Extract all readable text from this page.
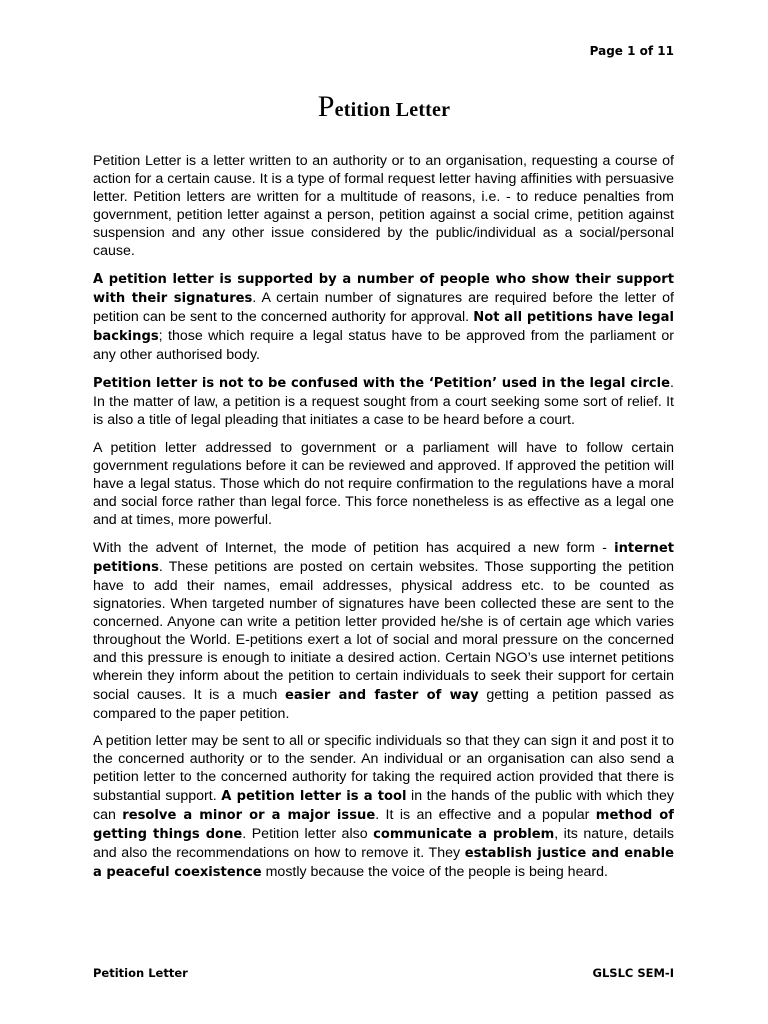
Page 1 of 11
Petition Letter

Petition Letter is a letter written to an authority or to an organisation, requesting a course of action for a certain cause. It is a type of formal request letter having affinities with persuasive letter. Petition letters are written for a multitude of reasons, i.e. - to reduce penalties from government, petition letter against a person, petition against a social crime, petition against suspension and any other issue considered by the public/individual as a social/personal cause.

A petition letter is supported by a number of people who show their support with their signatures. A certain number of signatures are required before the letter of petition can be sent to the concerned authority for approval. Not all petitions have legal backings; those which require a legal status have to be approved from the parliament or any other authorised body.

Petition letter is not to be confused with the ‘Petition’ used in the legal circle. In the matter of law, a petition is a request sought from a court seeking some sort of relief. It is also a title of legal pleading that initiates a case to be heard before a court.

A petition letter addressed to government or a parliament will have to follow certain government regulations before it can be reviewed and approved. If approved the petition will have a legal status. Those which do not require confirmation to the regulations have a moral and social force rather than legal force. This force nonetheless is as effective as a legal one and at times, more powerful.

With the advent of Internet, the mode of petition has acquired a new form - internet petitions. These petitions are posted on certain websites. Those supporting the petition have to add their names, email addresses, physical address etc. to be counted as signatories. When targeted number of signatures have been collected these are sent to the concerned. Anyone can write a petition letter provided he/she is of certain age which varies throughout the World. E-petitions exert a lot of social and moral pressure on the concerned and this pressure is enough to initiate a desired action. Certain NGO’s use internet petitions wherein they inform about the petition to certain individuals to seek their support for certain social causes. It is a much easier and faster of way getting a petition passed as compared to the paper petition.

A petition letter may be sent to all or specific individuals so that they can sign it and post it to the concerned authority or to the sender. An individual or an organisation can also send a petition letter to the concerned authority for taking the required action provided that there is substantial support. A petition letter is a tool in the hands of the public with which they can resolve a minor or a major issue. It is an effective and a popular method of getting things done. Petition letter also communicate a problem, its nature, details and also the recommendations on how to remove it. They establish justice and enable a peaceful coexistence mostly because the voice of the people is being heard.

Petition Letter	GLSLC SEM-I
